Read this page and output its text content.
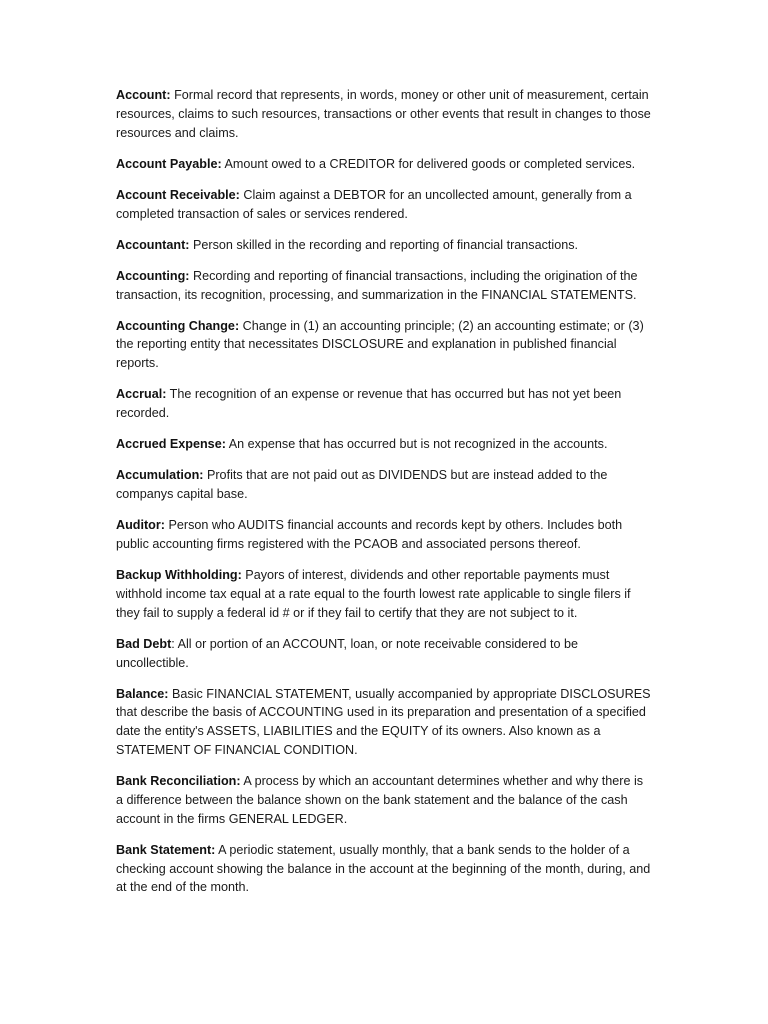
Account: Formal record that represents, in words, money or other unit of measurement, certain resources, claims to such resources, transactions or other events that result in changes to those resources and claims.

Account Payable: Amount owed to a CREDITOR for delivered goods or completed services.

Account Receivable: Claim against a DEBTOR for an uncollected amount, generally from a completed transaction of sales or services rendered.

Accountant: Person skilled in the recording and reporting of financial transactions.

Accounting: Recording and reporting of financial transactions, including the origination of the transaction, its recognition, processing, and summarization in the FINANCIAL STATEMENTS.

Accounting Change: Change in (1) an accounting principle; (2) an accounting estimate; or (3) the reporting entity that necessitates DISCLOSURE and explanation in published financial reports.

Accrual: The recognition of an expense or revenue that has occurred but has not yet been recorded.

Accrued Expense: An expense that has occurred but is not recognized in the accounts.

Accumulation: Profits that are not paid out as DIVIDENDS but are instead added to the companys capital base.

Auditor: Person who AUDITS financial accounts and records kept by others. Includes both public accounting firms registered with the PCAOB and associated persons thereof.

Backup Withholding: Payors of interest, dividends and other reportable payments must withhold income tax equal at a rate equal to the fourth lowest rate applicable to single filers if they fail to supply a federal id # or if they fail to certify that they are not subject to it.

Bad Debt: All or portion of an ACCOUNT, loan, or note receivable considered to be uncollectible.

Balance: Basic FINANCIAL STATEMENT, usually accompanied by appropriate DISCLOSURES that describe the basis of ACCOUNTING used in its preparation and presentation of a specified date the entity's ASSETS, LIABILITIES and the EQUITY of its owners. Also known as a STATEMENT OF FINANCIAL CONDITION.

Bank Reconciliation: A process by which an accountant determines whether and why there is a difference between the balance shown on the bank statement and the balance of the cash account in the firms GENERAL LEDGER.

Bank Statement: A periodic statement, usually monthly, that a bank sends to the holder of a checking account showing the balance in the account at the beginning of the month, during, and at the end of the month.
